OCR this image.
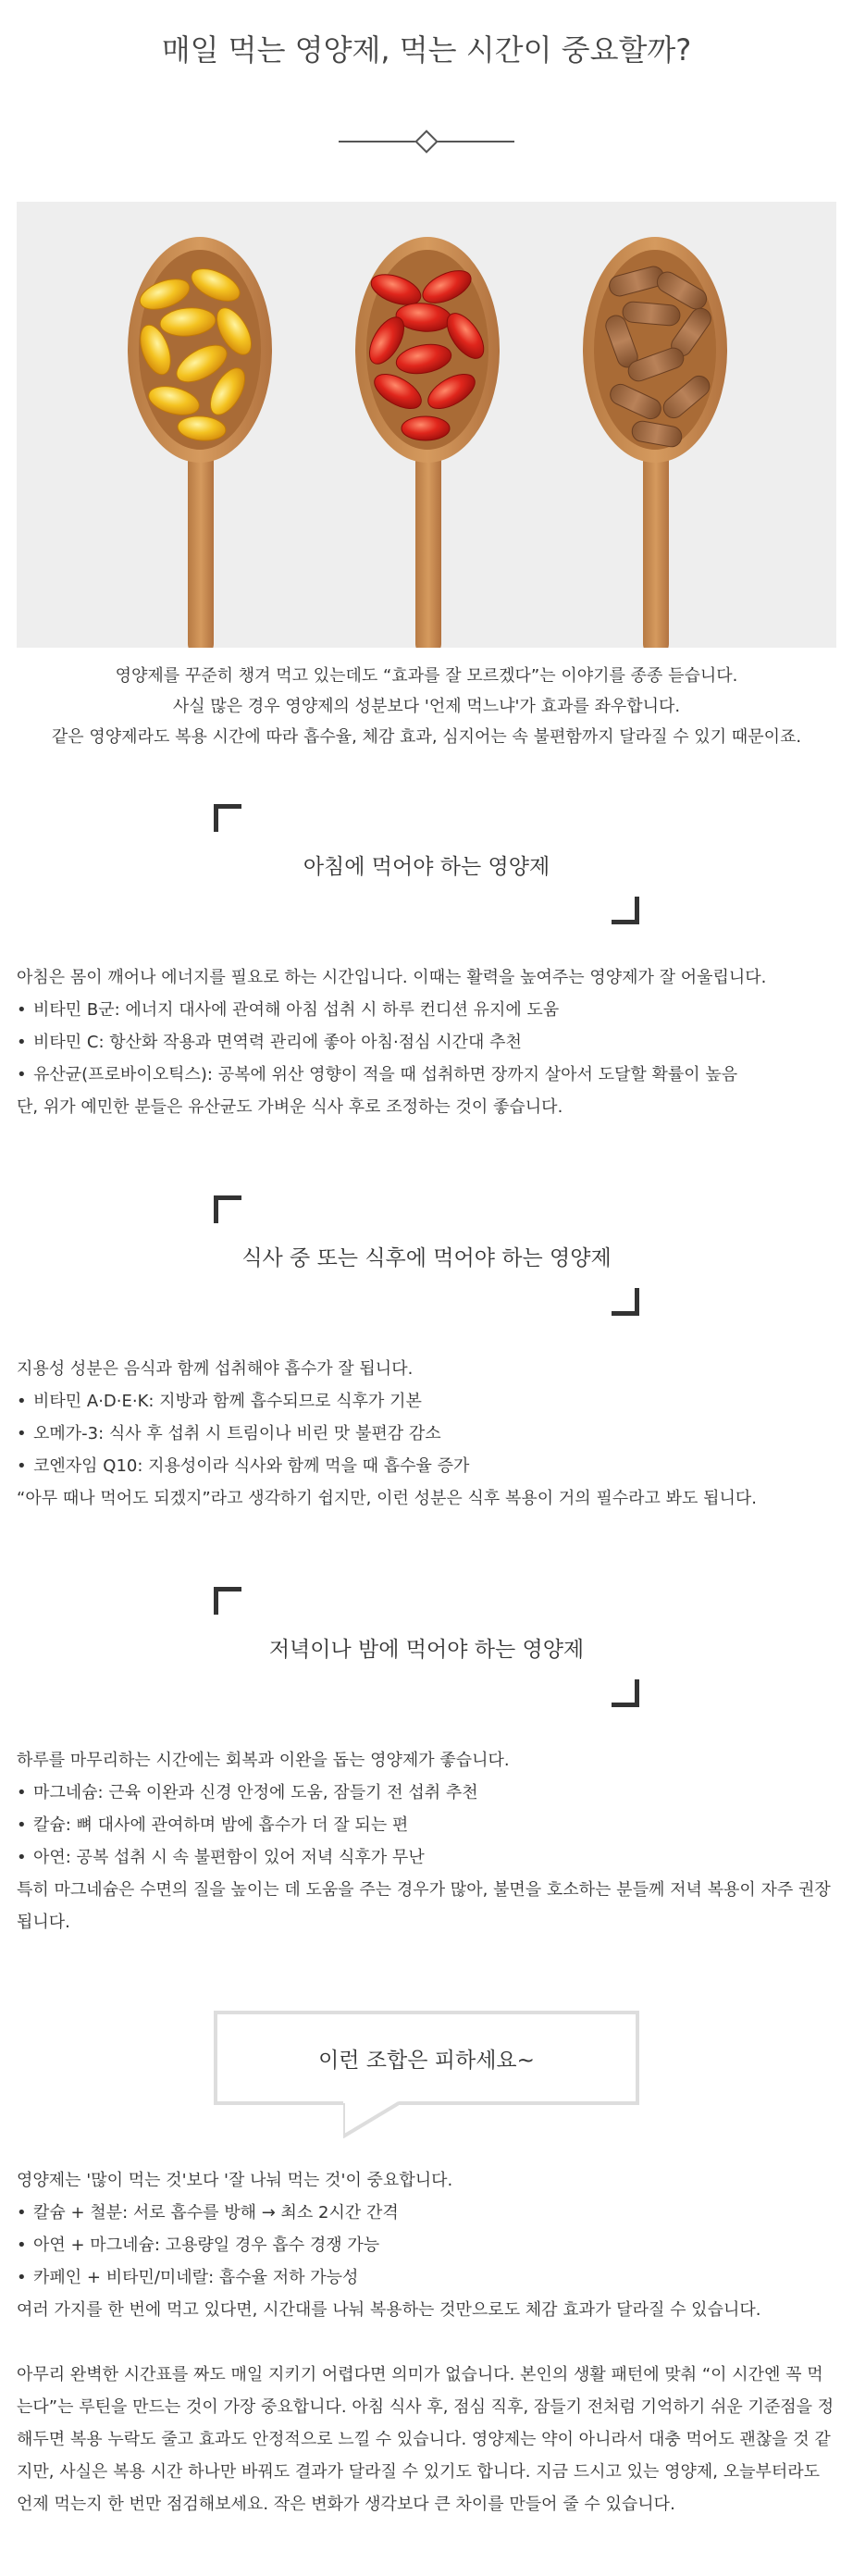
매일 먹는 영양제, 먹는 시간이 중요할까?

영양제를 꾸준히 챙겨 먹고 있는데도 “효과를 잘 모르겠다”는 이야기를 종종 듣습니다.

사실 많은 경우 영양제의 성분보다 '언제 먹느냐'가 효과를 좌우합니다.

같은 영양제라도 복용 시간에 따라 흡수율, 체감 효과, 심지어는 속 불편함까지 달라질 수 있기 때문이죠.

아침에 먹어야 하는 영양제

아침은 몸이 깨어나 에너지를 필요로 하는 시간입니다. 이때는 활력을 높여주는 영양제가 잘 어울립니다.

• 비타민 B군: 에너지 대사에 관여해 아침 섭취 시 하루 컨디션 유지에 도움
• 비타민 C: 항산화 작용과 면역력 관리에 좋아 아침·점심 시간대 추천
• 유산균(프로바이오틱스): 공복에 위산 영향이 적을 때 섭취하면 장까지 살아서 도달할 확률이 높음

단, 위가 예민한 분들은 유산균도 가벼운 식사 후로 조정하는 것이 좋습니다.

식사 중 또는 식후에 먹어야 하는 영양제

지용성 성분은 음식과 함께 섭취해야 흡수가 잘 됩니다.

• 비타민 A·D·E·K: 지방과 함께 흡수되므로 식후가 기본
• 오메가-3: 식사 후 섭취 시 트림이나 비린 맛 불편감 감소
• 코엔자임 Q10: 지용성이라 식사와 함께 먹을 때 흡수율 증가

“아무 때나 먹어도 되겠지”라고 생각하기 쉽지만, 이런 성분은 식후 복용이 거의 필수라고 봐도 됩니다.

저녁이나 밤에 먹어야 하는 영양제

하루를 마무리하는 시간에는 회복과 이완을 돕는 영양제가 좋습니다.

• 마그네슘: 근육 이완과 신경 안정에 도움, 잠들기 전 섭취 추천
• 칼슘: 뼈 대사에 관여하며 밤에 흡수가 더 잘 되는 편
• 아연: 공복 섭취 시 속 불편함이 있어 저녁 식후가 무난

특히 마그네슘은 수면의 질을 높이는 데 도움을 주는 경우가 많아, 불면을 호소하는 분들께 저녁 복용이 자주 권장됩니다.

이런 조합은 피하세요~

영양제는 '많이 먹는 것'보다 '잘 나눠 먹는 것'이 중요합니다.

• 칼슘 + 철분: 서로 흡수를 방해 → 최소 2시간 간격
• 아연 + 마그네슘: 고용량일 경우 흡수 경쟁 가능
• 카페인 + 비타민/미네랄: 흡수율 저하 가능성

여러 가지를 한 번에 먹고 있다면, 시간대를 나눠 복용하는 것만으로도 체감 효과가 달라질 수 있습니다.

아무리 완벽한 시간표를 짜도 매일 지키기 어렵다면 의미가 없습니다. 본인의 생활 패턴에 맞춰 “이 시간엔 꼭 먹는다”는 루틴을 만드는 것이 가장 중요합니다. 아침 식사 후, 점심 직후, 잠들기 전처럼 기억하기 쉬운 기준점을 정해두면 복용 누락도 줄고 효과도 안정적으로 느낄 수 있습니다. 영양제는 약이 아니라서 대충 먹어도 괜찮을 것 같지만, 사실은 복용 시간 하나만 바꿔도 결과가 달라질 수 있기도 합니다. 지금 드시고 있는 영양제, 오늘부터라도 언제 먹는지 한 번만 점검해보세요. 작은 변화가 생각보다 큰 차이를 만들어 줄 수 있습니다.
